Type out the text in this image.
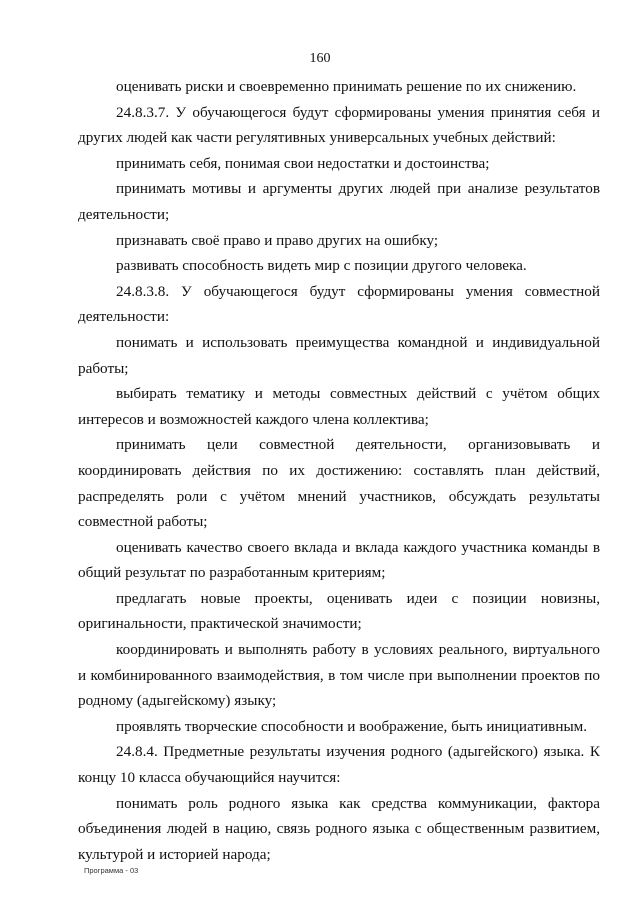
160

оценивать риски и своевременно принимать решение по их снижению.

24.8.3.7. У обучающегося будут сформированы умения принятия себя и других людей как части регулятивных универсальных учебных действий:

принимать себя, понимая свои недостатки и достоинства;

принимать мотивы и аргументы других людей при анализе результатов деятельности;

признавать своё право и право других на ошибку;

развивать способность видеть мир с позиции другого человека.

24.8.3.8. У обучающегося будут сформированы умения совместной деятельности:

понимать и использовать преимущества командной и индивидуальной работы;

выбирать тематику и методы совместных действий с учётом общих интересов и возможностей каждого члена коллектива;

принимать цели совместной деятельности, организовывать и координировать действия по их достижению: составлять план действий, распределять роли с учётом мнений участников, обсуждать результаты совместной работы;

оценивать качество своего вклада и вклада каждого участника команды в общий результат по разработанным критериям;

предлагать новые проекты, оценивать идеи с позиции новизны, оригинальности, практической значимости;

координировать и выполнять работу в условиях реального, виртуального и комбинированного взаимодействия, в том числе при выполнении проектов по родному (адыгейскому) языку;

проявлять творческие способности и воображение, быть инициативным.

24.8.4. Предметные результаты изучения родного (адыгейского) языка. К концу 10 класса обучающийся научится:

понимать роль родного языка как средства коммуникации, фактора объединения людей в нацию, связь родного языка с общественным развитием, культурой и историей народа;

Программа - 03
